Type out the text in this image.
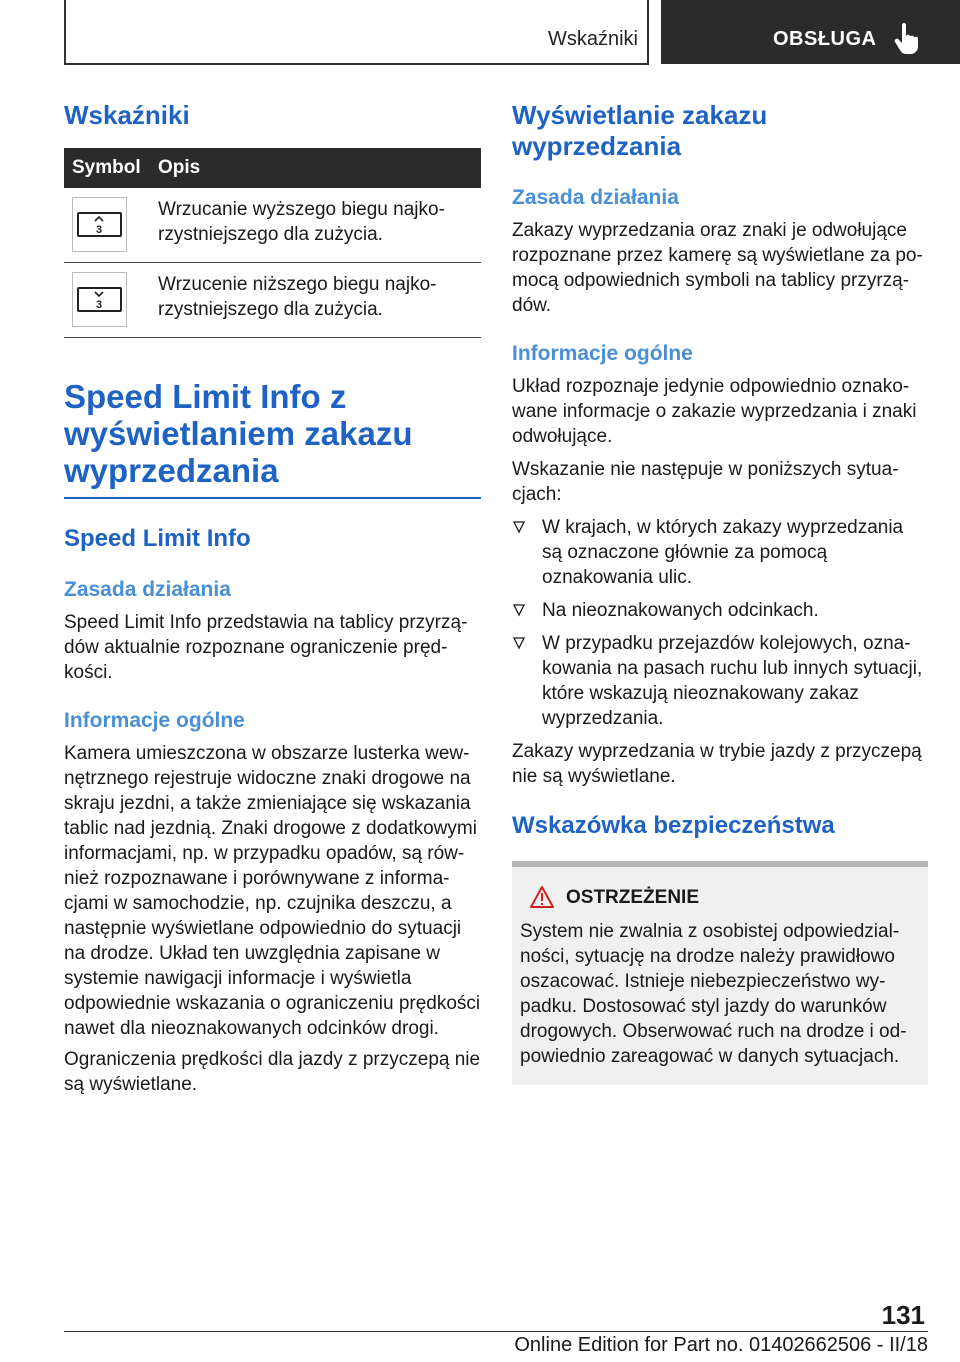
Wskaźniki	OBSŁUGA
Wskaźniki
Symbol Opis
3
Wrzucanie wyższego biegu najkorzystniejszego dla zużycia.
3
Wrzucenie niższego biegu najkorzystniejszego dla zużycia.
Speed Limit Info z wyświetlaniem zakazu wyprzedzania
Speed Limit Info
Zasada działania
Speed Limit Info przedstawia na tablicy przyrządów aktualnie rozpoznane ograniczenie prędkości.
Informacje ogólne
Kamera umieszczona w obszarze lusterka wewnętrznego rejestruje widoczne znaki drogowe na skraju jezdni, a także zmieniające się wskazania tablic nad jezdnią. Znaki drogowe z dodatkowymi informacjami, np. w przypadku opadów, są również rozpoznawane i porównywane z informacjami w samochodzie, np. czujnika deszczu, a następnie wyświetlane odpowiednio do sytuacji na drodze. Układ ten uwzględnia zapisane w systemie nawigacji informacje i wyświetla odpowiednie wskazania o ograniczeniu prędkości nawet dla nieoznakowanych odcinków drogi.
Ograniczenia prędkości dla jazdy z przyczepą nie są wyświetlane.
Wyświetlanie zakazu wyprzedzania
Zasada działania
Zakazy wyprzedzania oraz znaki je odwołujące rozpoznane przez kamerę są wyświetlane za pomocą odpowiednich symboli na tablicy przyrządów.
Informacje ogólne
Układ rozpoznaje jedynie odpowiednio oznakowane informacje o zakazie wyprzedzania i znaki odwołujące.
Wskazanie nie następuje w poniższych sytuacjach:
W krajach, w których zakazy wyprzedzania są oznaczone głównie za pomocą oznakowania ulic.
Na nieoznakowanych odcinkach.
W przypadku przejazdów kolejowych, oznakowania na pasach ruchu lub innych sytuacji, które wskazują nieoznakowany zakaz wyprzedzania.
Zakazy wyprzedzania w trybie jazdy z przyczepą nie są wyświetlane.
Wskazówka bezpieczeństwa
OSTRZEŻENIE
System nie zwalnia z osobistej odpowiedzialności, sytuację na drodze należy prawidłowo oszacować. Istnieje niebezpieczeństwo wypadku. Dostosować styl jazdy do warunków drogowych. Obserwować ruch na drodze i odpowiednio zareagować w danych sytuacjach.
131
Online Edition for Part no. 01402662506 - II/18
